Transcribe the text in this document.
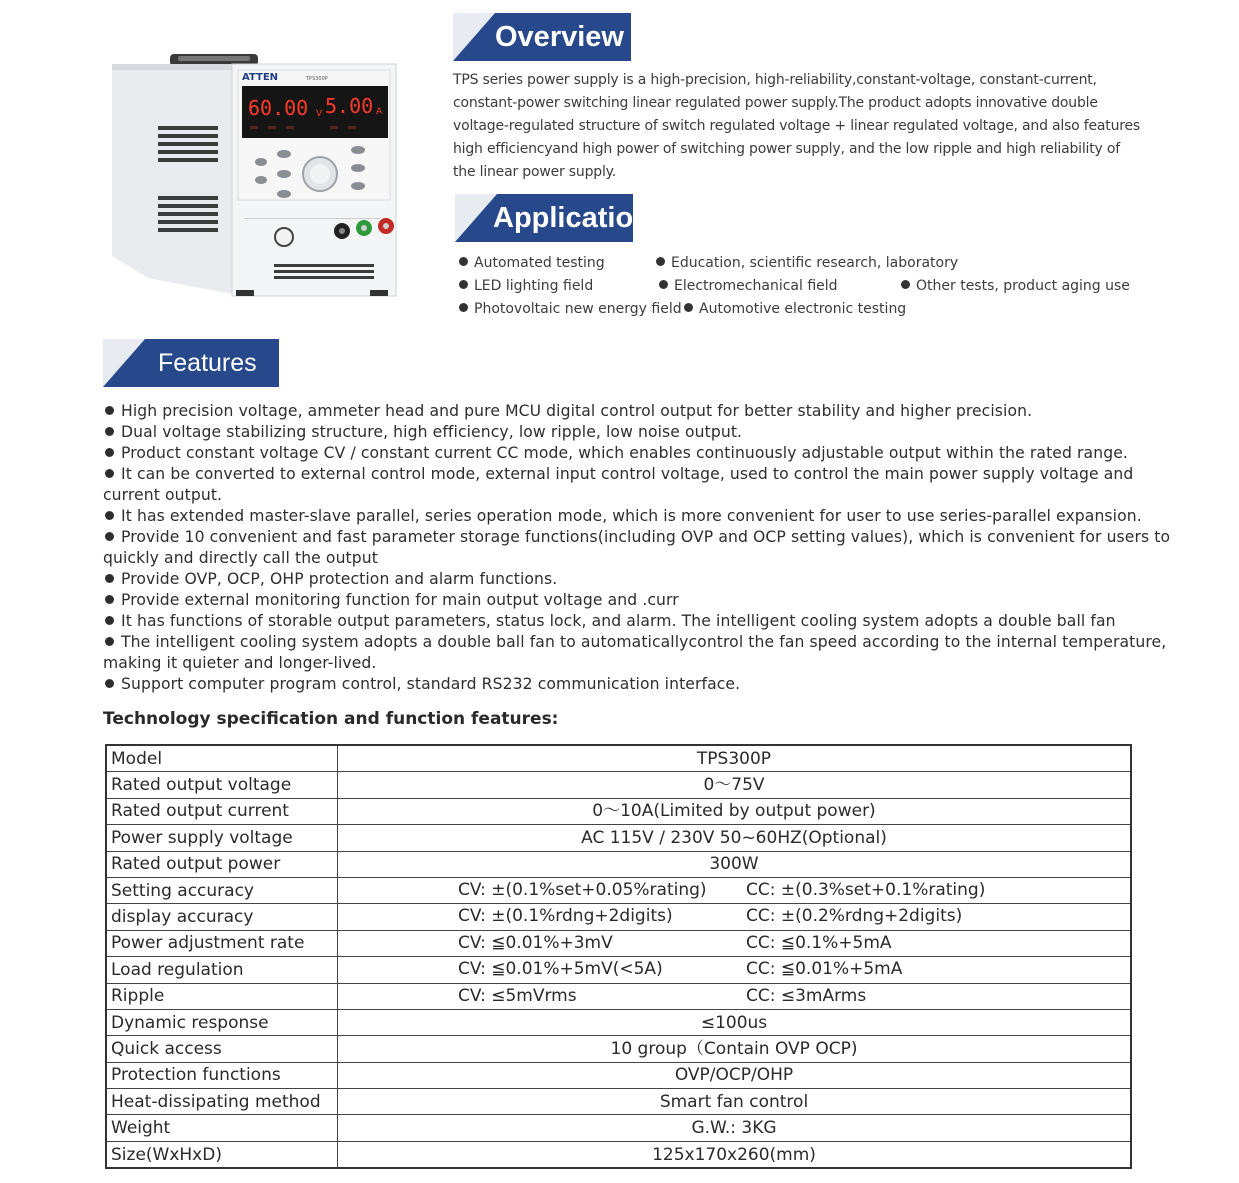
ATTEN	TPS300P
60.00 V 5.00 A
Overview
TPS series power supply is a high-precision, high-reliability,constant-voltage, constant-current, constant-power switching linear regulated power supply.The product adopts innovative double voltage-regulated structure of switch regulated voltage + linear regulated voltage, and also features high efficiencyand high power of switching power supply, and the low ripple and high reliability of the linear power supply.
Application
Automated testing	Education, scientific research, laboratory
LED lighting field	Electromechanical field	Other tests, product aging use
Photovoltaic new energy field	Automotive electronic testing
Features
High precision voltage, ammeter head and pure MCU digital control output for better stability and higher precision.
Dual voltage stabilizing structure, high efficiency, low ripple, low noise output.
Product constant voltage CV / constant current CC mode, which enables continuously adjustable output within the rated range.
It can be converted to external control mode, external input control voltage, used to control the main power supply voltage and current output.
It has extended master-slave parallel, series operation mode, which is more convenient for user to use series-parallel expansion.
Provide 10 convenient and fast parameter storage functions(including OVP and OCP setting values), which is convenient for users to quickly and directly call the output
Provide OVP, OCP, OHP protection and alarm functions.
Provide external monitoring function for main output voltage and .curr
It has functions of storable output parameters, status lock, and alarm. The intelligent cooling system adopts a double ball fan
The intelligent cooling system adopts a double ball fan to automaticallycontrol the fan speed according to the internal temperature, making it quieter and longer-lived.
Support computer program control, standard RS232 communication interface.
Technology specification and function features:
Model	TPS300P
Rated output voltage	0～75V
Rated output current	0～10A(Limited by output power)
Power supply voltage	AC 115V / 230V 50~60HZ(Optional)
Rated output power	300W
Setting accuracy	CV: ±(0.1%set+0.05%rating) CC: ±(0.3%set+0.1%rating)

display accuracy	CV: ±(0.1%rdng+2digits) CC: ±(0.2%rdng+2digits)

Power adjustment rate	CV: ≦0.01%+3mV CC: ≦0.1%+5mA

Load regulation	CV: ≦0.01%+5mV(<5A) CC: ≦0.01%+5mA

Ripple	CV: ≤5mVrms CC: ≤3mArms

Dynamic response	≤100us
Quick access	10 group（Contain OVP OCP)
Protection functions	OVP/OCP/OHP
Heat-dissipating method	Smart fan control
Weight	G.W.: 3KG
Size(WxHxD)	125x170x260(mm)
